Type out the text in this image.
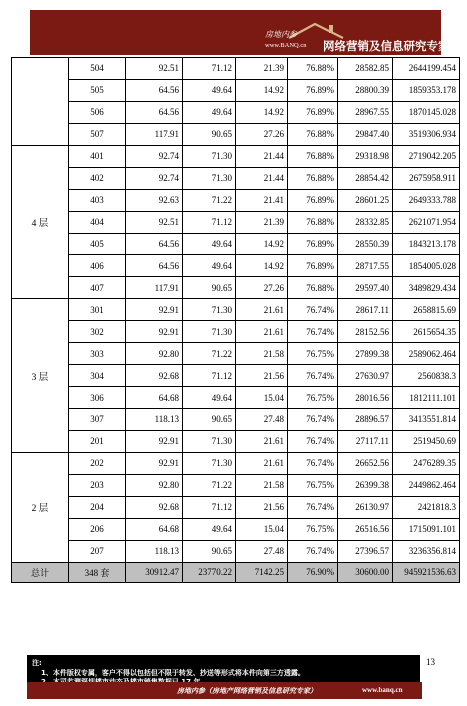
房地内参
www.BANQ.cn 网络营销及信息研究专家
	504	92.51	71.12	21.39	76.88%	28582.85	2644199.454
	505	64.56	49.64	14.92	76.89%	28800.39	1859353.178
	506	64.56	49.64	14.92	76.89%	28967.55	1870145.028
	507	117.91	90.65	27.26	76.88%	29847.40	3519306.934
4 层	401	92.74	71.30	21.44	76.88%	29318.98	2719042.205
	402	92.74	71.30	21.44	76.88%	28854.42	2675958.911
	403	92.63	71.22	21.41	76.89%	28601.25	2649333.788
	404	92.51	71.12	21.39	76.88%	28332.85	2621071.954
	405	64.56	49.64	14.92	76.89%	28550.39	1843213.178
	406	64.56	49.64	14.92	76.89%	28717.55	1854005.028
	407	117.91	90.65	27.26	76.88%	29597.40	3489829.434
3 层	301	92.91	71.30	21.61	76.74%	28617.11	2658815.69
	302	92.91	71.30	21.61	76.74%	28152.56	2615654.35
	303	92.80	71.22	21.58	76.75%	27899.38	2589062.464
	304	92.68	71.12	21.56	76.74%	27630.97	2560838.3
	306	64.68	49.64	15.04	76.75%	28016.56	1812111.101
	307	118.13	90.65	27.48	76.74%	28896.57	3413551.814
	201	92.91	71.30	21.61	76.74%	27117.11	2519450.69
2 层	202	92.91	71.30	21.61	76.74%	26652.56	2476289.35
	203	92.80	71.22	21.58	76.75%	26399.38	2449862.464
	204	92.68	71.12	21.56	76.74%	26130.97	2421818.3
	206	64.68	49.64	15.04	76.75%	26516.56	1715091.101
	207	118.13	90.65	27.48	76.74%	27396.57	3236356.814
总计	348 套	30912.47	23770.22	7142.25	76.90%	30600.00	945921536.63
注:
1、本件版权专属，客户不得以包括但不限于转发、抄送等形式将本件向第三方透露。
13
房地内参（房地产网络营销及信息研究专家）	www.banq.cn
